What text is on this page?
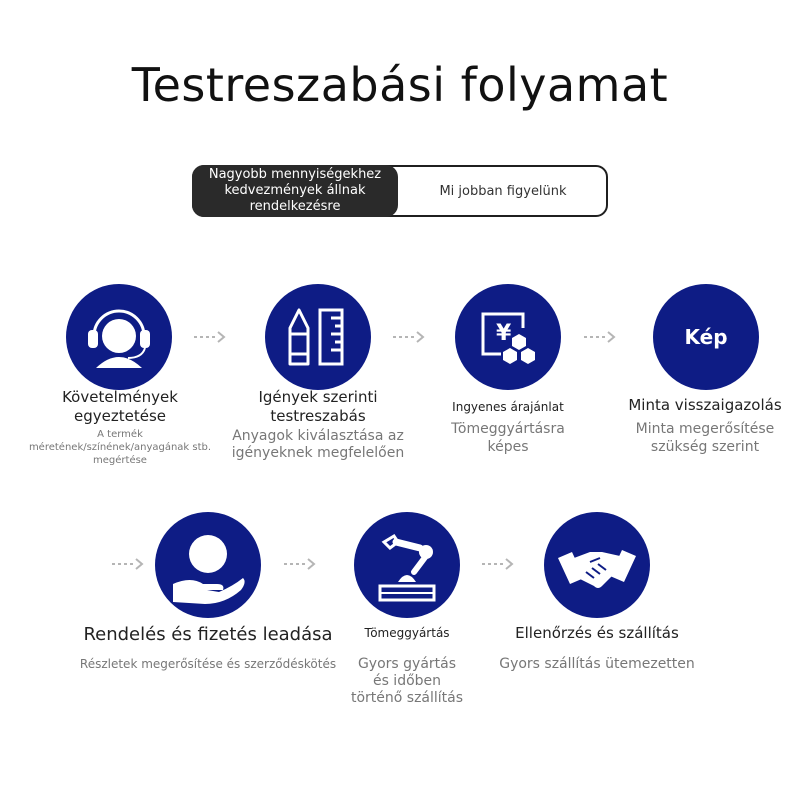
Testreszabási folyamat
Nagyobb mennyiségekhez kedvezmények állnak rendelkezésre
Mi jobban figyelünk
¥	Kép
Követelmények
egyeztetése
A termék
méretének/színének/anyagának stb.
megértése
Igények szerinti
testreszabás
Anyagok kiválasztása az
igényeknek megfelelően
Ingyenes árajánlat
Tömeggyártásra
képes
Minta visszaigazolás
Minta megerősítése
szükség szerint
Rendelés és fizetés leadása
Részletek megerősítése és szerződéskötés
Tömeggyártás
Gyors gyártás
és időben
történő szállítás
Ellenőrzés és szállítás
Gyors szállítás ütemezetten
